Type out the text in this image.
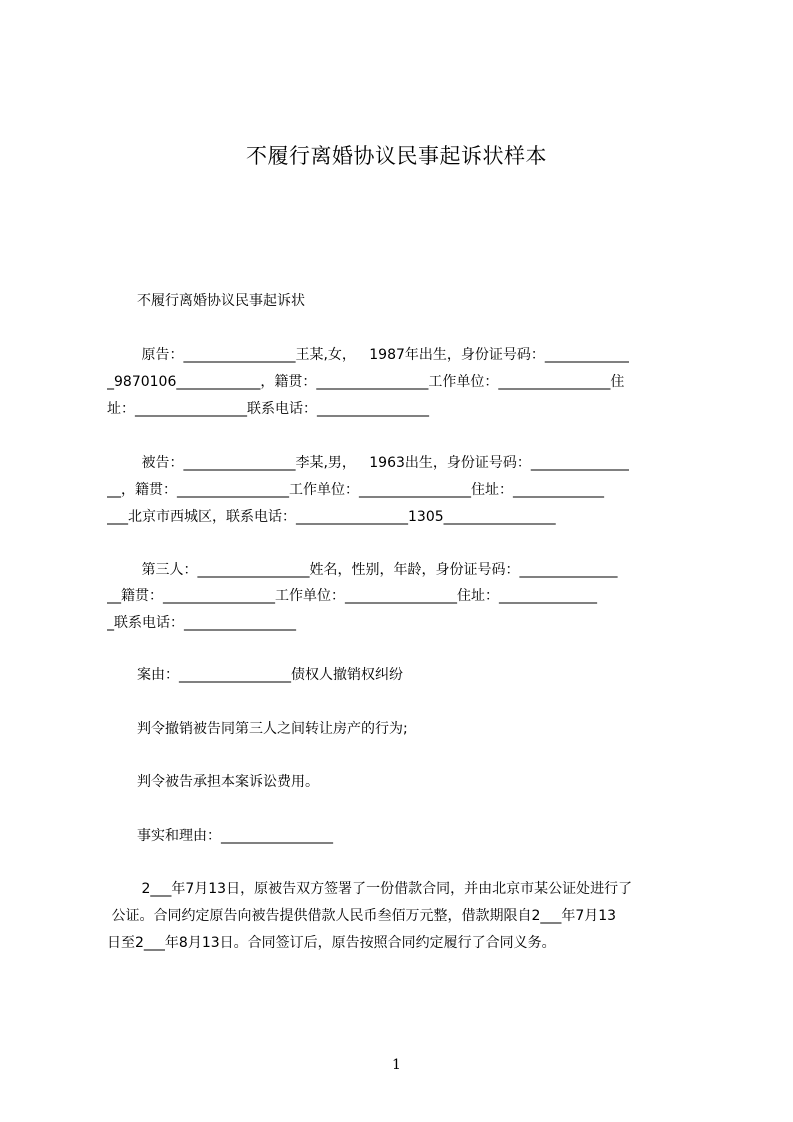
不履行离婚协议民事起诉状样本
不履行离婚协议民事起诉状
原告：________________王某,女，   1987年出生，身份证号码：____________
_9870106____________，籍贯：________________工作单位：________________住
址：________________联系电话：________________
被告：________________李某,男，   1963出生，身份证号码：______________
__，籍贯：________________工作单位：________________住址：_____________
___北京市西城区，联系电话：________________1305________________
第三人：________________姓名，性别，年龄，身份证号码：______________
__籍贯：________________工作单位：________________住址：______________
_联系电话：________________
案由：________________债权人撤销权纠纷
判令撤销被告同第三人之间转让房产的行为;
判令被告承担本案诉讼费用。
事实和理由：________________
2___年7月13日，原被告双方签署了一份借款合同，并由北京市某公证处进行了
公证。合同约定原告向被告提供借款人民币叁佰万元整，借款期限自2___年7月13
日至2___年8月13日。合同签订后，原告按照合同约定履行了合同义务。
1
